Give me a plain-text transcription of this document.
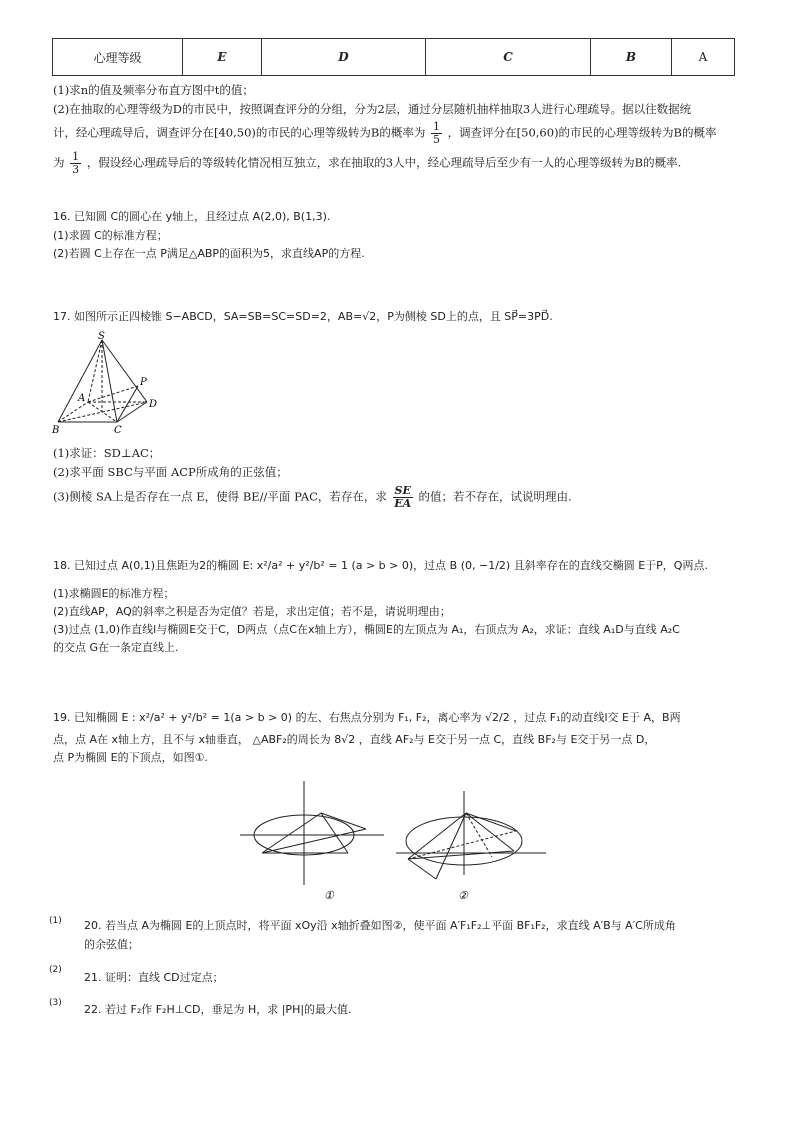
心理等级	E	D	C	B	A
(1)求n的值及频率分布直方图中t的值；
(2)在抽取的心理等级为D的市民中，按照调查评分的分组，分为2层，通过分层随机抽样抽取3人进行心理疏导。据以往数据统
计，经心理疏导后，调查评分在[40,50)的市民的心理等级转为B的概率为 $\frac{1}{5}$ ，调查评分在[50,60)的市民的心理等级转为B的概率
为 $\frac{1}{3}$ ，假设经心理疏导后的等级转化情况相互独立，求在抽取的3人中，经心理疏导后至少有一人的心理等级转为B的概率.
16. 已知圆 C的圆心在 y轴上，且经过点 A(2,0), B(1,3).
(1)求圆 C的标准方程；
(2)若圆 C上存在一点 P满足△ABP的面积为5，求直线AP的方程.
17. 如图所示正四棱锥 S−ABCD，SA=SB=SC=SD=2，AB=√2，P为侧棱 SD上的点，且 SP⃗=3PD⃗.
S
P
A
D
B	C
(1)求证：SD⊥AC；
(2)求平面 SBC与平面 ACP所成角的正弦值；
(3)侧棱 SA上是否存在一点 E，使得 BE//平面 PAC，若存在，求 $\frac{SE}{EA}$ 的值；若不存在，试说明理由.
18. 已知过点 A(0,1)且焦距为2的椭圆 E: x²/a² + y²/b² = 1 (a > b > 0)，过点 B (0, −1/2) 且斜率存在的直线交椭圆 E于P，Q两点.
(1)求椭圆E的标准方程；
(2)直线AP，AQ的斜率之积是否为定值？若是，求出定值；若不是，请说明理由；
(3)过点 (1,0)作直线l与椭圆E交于C，D两点（点C在x轴上方），椭圆E的左顶点为 A₁，右顶点为 A₂，求证：直线 A₁D与直线 A₂C
的交点 G在一条定直线上.
19. 已知椭圆 E : x²/a² + y²/b² = 1(a > b > 0) 的左、右焦点分别为 F₁, F₂，离心率为 √2/2 ，过点 F₁的动直线l交 E于 A，B两
点，点 A在 x轴上方，且不与 x轴垂直， △ABF₂的周长为 8√2 ，直线 AF₂与 E交于另一点 C，直线 BF₂与 E交于另一点 D，
点 P为椭圆 E的下顶点，如图①.
①	②
(1) 20. 若当点 A为椭圆 E的上顶点时，将平面 xOy沿 x轴折叠如图②，使平面 A′F₁F₂⊥平面 BF₁F₂，求直线 A′B与 A′C所成角
的余弦值；
(2)
21. 证明：直线 CD过定点；
(3) 22. 若过 F₂作 F₂H⊥CD，垂足为 H，求 |PH|的最大值.
